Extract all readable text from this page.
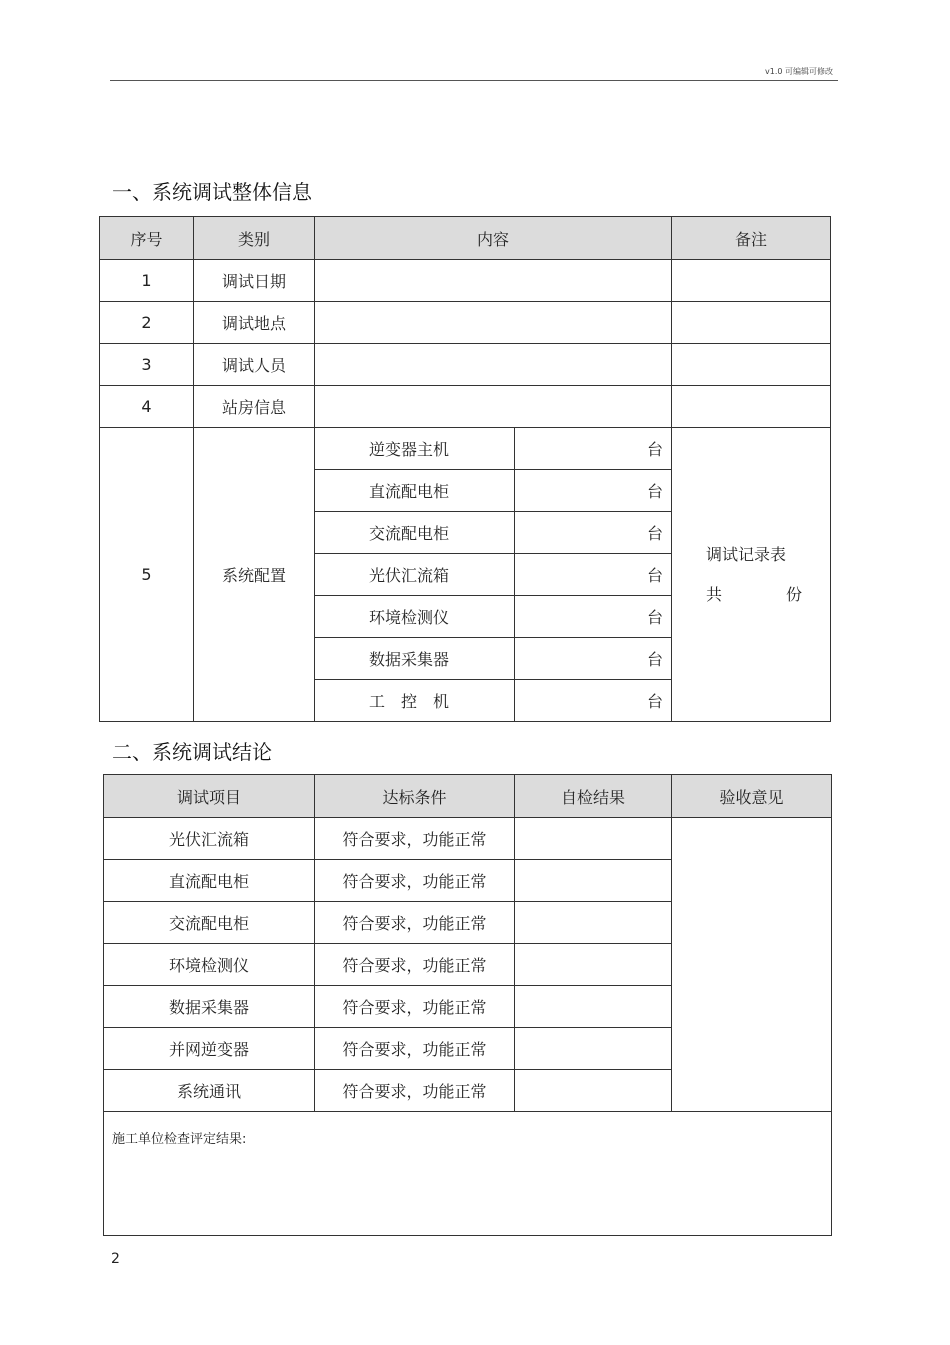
v1.0 可编辑可修改
一、系统调试整体信息
序号	类别	内容		备注
1	调试日期			
2	调试地点			
3	调试人员			
4	站房信息			
5	系统配置	逆变器主机	台	调试记录表
共 份

		直流配电柜	台	
		交流配电柜	台	
		光伏汇流箱	台	
		环境检测仪	台	
		数据采集器	台	
		工　控　机	台	
二、系统调试结论
调试项目	达标条件	自检结果	验收意见
光伏汇流箱	符合要求，功能正常		
直流配电柜	符合要求，功能正常		
交流配电柜	符合要求，功能正常		
环境检测仪	符合要求，功能正常		
数据采集器	符合要求，功能正常		
并网逆变器	符合要求，功能正常		
系统通讯	符合要求，功能正常		
施工单位检查评定结果:			
2
